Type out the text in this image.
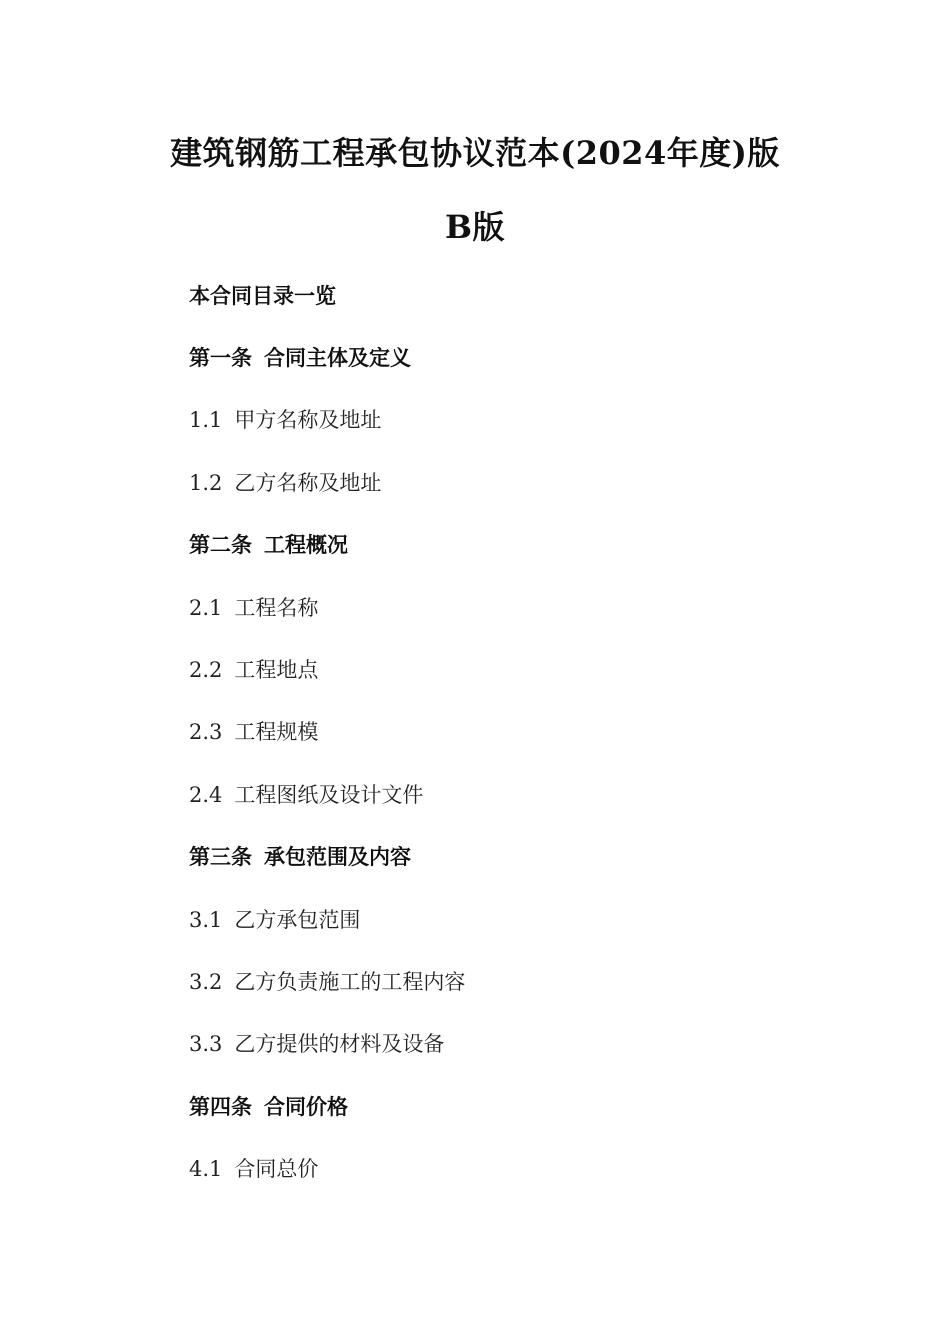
建筑钢筋工程承包协议范本(2024年度)版
B版
本合同目录一览
第一条 合同主体及定义
1.1 甲方名称及地址
1.2 乙方名称及地址
第二条 工程概况
2.1 工程名称
2.2 工程地点
2.3 工程规模
2.4 工程图纸及设计文件
第三条 承包范围及内容
3.1 乙方承包范围
3.2 乙方负责施工的工程内容
3.3 乙方提供的材料及设备
第四条 合同价格
4.1 合同总价
